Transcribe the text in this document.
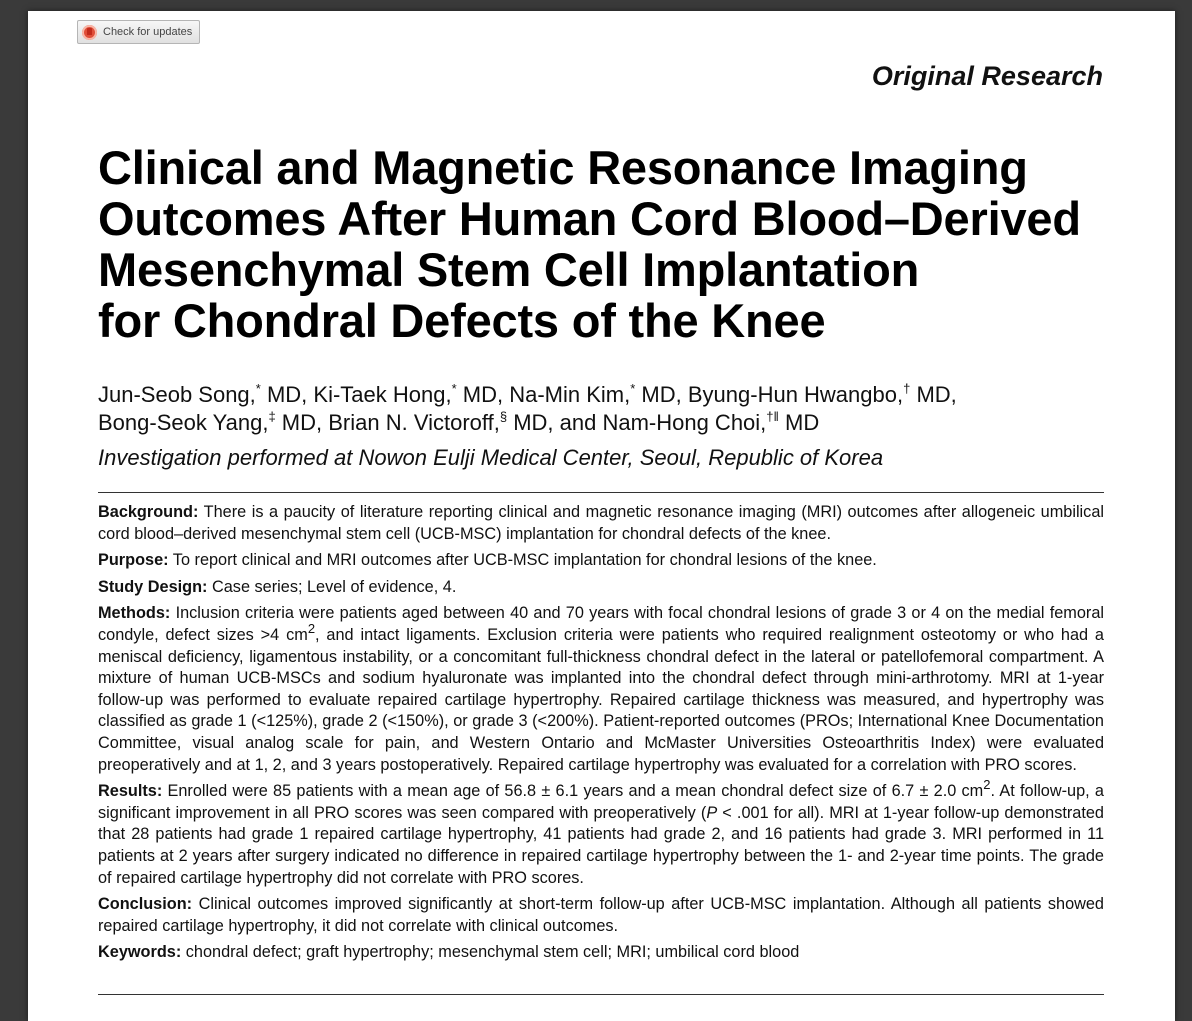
Check for updates
Original Research
Clinical and Magnetic Resonance Imaging
Outcomes After Human Cord Blood–Derived
Mesenchymal Stem Cell Implantation
for Chondral Defects of the Knee
Jun-Seob Song,* MD, Ki-Taek Hong,* MD, Na-Min Kim,* MD, Byung-Hun Hwangbo,† MD,
Bong-Seok Yang,‡ MD, Brian N. Victoroff,§ MD, and Nam-Hong Choi,†‖ MD
Investigation performed at Nowon Eulji Medical Center, Seoul, Republic of Korea

Background: There is a paucity of literature reporting clinical and magnetic resonance imaging (MRI) outcomes after allogeneic umbilical cord blood–derived mesenchymal stem cell (UCB-MSC) implantation for chondral defects of the knee.

Purpose: To report clinical and MRI outcomes after UCB-MSC implantation for chondral lesions of the knee.

Study Design: Case series; Level of evidence, 4.

Methods: Inclusion criteria were patients aged between 40 and 70 years with focal chondral lesions of grade 3 or 4 on the medial femoral condyle, defect sizes >4 $cm^2$, and intact ligaments. Exclusion criteria were patients who required realignment osteotomy or who had a meniscal deficiency, ligamentous instability, or a concomitant full-thickness chondral defect in the lateral or patellofemoral compartment. A mixture of human UCB-MSCs and sodium hyaluronate was implanted into the chondral defect through mini-arthrotomy. MRI at 1-year follow-up was performed to evaluate repaired cartilage hypertrophy. Repaired cartilage thickness was measured, and hypertrophy was classified as grade 1 (<125%), grade 2 (<150%), or grade 3 (<200%). Patient-reported outcomes (PROs; International Knee Documentation Committee, visual analog scale for pain, and Western Ontario and McMaster Universities Osteoarthritis Index) were evaluated preoperatively and at 1, 2, and 3 years postoperatively. Repaired cartilage hypertrophy was evaluated for a correlation with PRO scores.

Results: Enrolled were 85 patients with a mean age of 56.8 ± 6.1 years and a mean chondral defect size of 6.7 ± 2.0 $cm^2$. At follow-up, a significant improvement in all PRO scores was seen compared with preoperatively (P < .001 for all). MRI at 1-year follow-up demonstrated that 28 patients had grade 1 repaired cartilage hypertrophy, 41 patients had grade 2, and 16 patients had grade 3. MRI performed in 11 patients at 2 years after surgery indicated no difference in repaired cartilage hypertrophy between the 1- and 2-year time points. The grade of repaired cartilage hypertrophy did not correlate with PRO scores.

Conclusion: Clinical outcomes improved significantly at short-term follow-up after UCB-MSC implantation. Although all patients showed repaired cartilage hypertrophy, it did not correlate with clinical outcomes.

Keywords: chondral defect; graft hypertrophy; mesenchymal stem cell; MRI; umbilical cord blood
